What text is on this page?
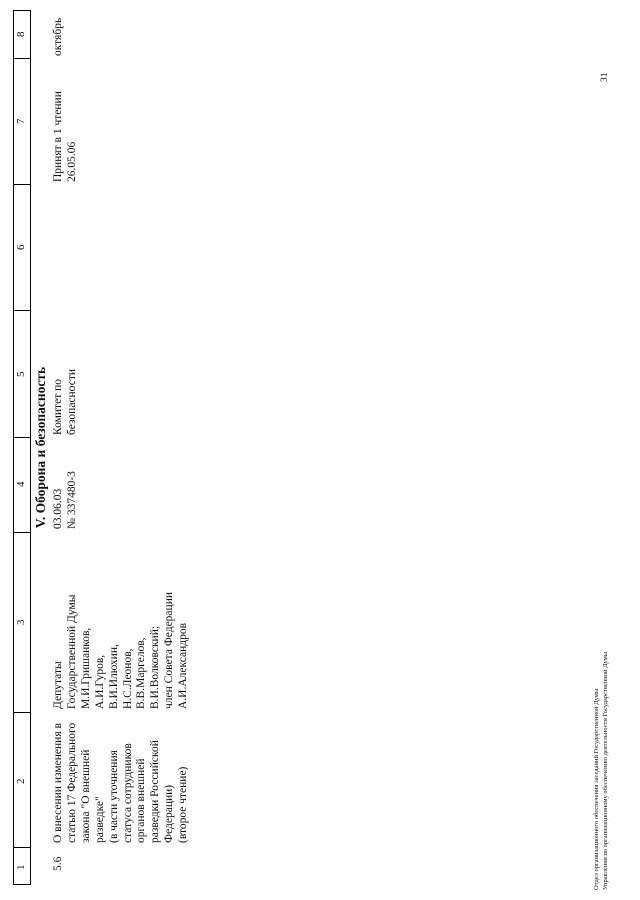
1
2
3
4
5
6
7
8
V. Оборона и безопасность
5.6
О внесении изменения в
статью 17 Федерального
закона "О внешней
разведке"
(в части уточнения
статуса сотрудников
органов внешней
разведки Российской
Федерации)
(второе чтение)
Депутаты
Государственной Думы
М.И.Гришанков,
А.И.Гуров,
В.И.Илюхин,
Н.С.Леонов,
В.В.Маргелов,
В.И.Волковский;
член Совета Федерации
А.И.Александров
03.06.03
№ 337480-3
Комитет по
безопасности
Принят в 1 чтении
26.05.06
октябрь
Отдел организационного обеспечения заседаний Государственной Думы Управления по организационному обеспечению деятельности Государственной Думы
31
